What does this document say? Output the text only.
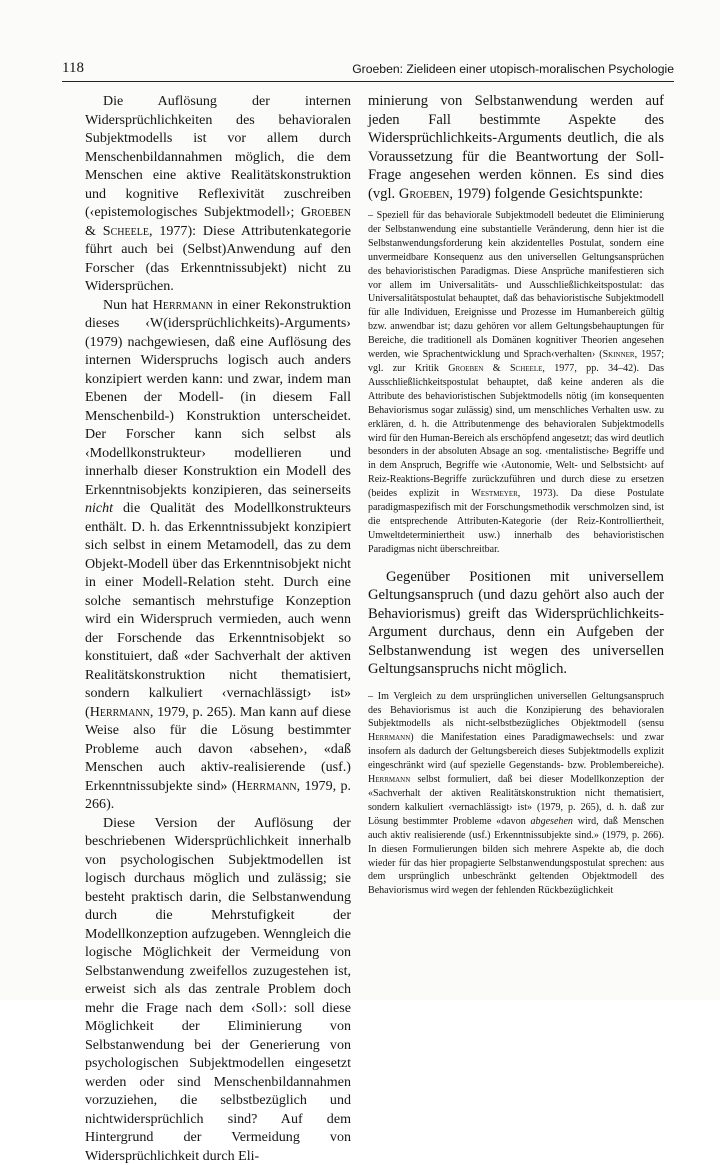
118	Groeben: Zielideen einer utopisch-moralischen Psychologie

Die Auflösung der internen Widersprüchlichkeiten des behavioralen Subjektmodells ist vor allem durch Menschenbildannahmen möglich, die dem Menschen eine aktive Realitätskonstruktion und kognitive Reflexivität zuschreiben (‹epistemologisches Subjektmodell›; Groeben & Scheele, 1977): Diese Attributenkategorie führt auch bei (Selbst)Anwendung auf den Forscher (das Erkenntnissubjekt) nicht zu Widersprüchen.

Nun hat Herrmann in einer Rekonstruktion dieses ‹W(idersprüchlichkeits)-Arguments› (1979) nachgewiesen, daß eine Auflösung des internen Widerspruchs logisch auch anders konzipiert werden kann: und zwar, indem man Ebenen der Modell- (in diesem Fall Menschenbild-) Konstruktion unterscheidet. Der Forscher kann sich selbst als ‹Modellkonstrukteur› modellieren und innerhalb dieser Konstruktion ein Modell des Erkenntnisobjekts konzipieren, das seinerseits nicht die Qualität des Modellkonstrukteurs enthält. D. h. das Erkenntnissubjekt konzipiert sich selbst in einem Metamodell, das zu dem Objekt-Modell über das Erkenntnisobjekt nicht in einer Modell-Relation steht. Durch eine solche semantisch mehrstufige Konzeption wird ein Widerspruch vermieden, auch wenn der Forschende das Erkenntnisobjekt so konstituiert, daß «der Sachverhalt der aktiven Realitätskonstruktion nicht thematisiert, sondern kalkuliert ‹vernachlässigt› ist» (Herrmann, 1979, p. 265). Man kann auf diese Weise also für die Lösung bestimmter Probleme auch davon ‹absehen›, «daß Menschen auch aktiv-realisierende (usf.) Erkenntnissubjekte sind» (Herrmann, 1979, p. 266).

Diese Version der Auflösung der beschriebenen Widersprüchlichkeit innerhalb von psychologischen Subjektmodellen ist logisch durchaus möglich und zulässig; sie besteht praktisch darin, die Selbstanwendung durch die Mehrstufigkeit der Modellkonzeption aufzugeben. Wenngleich die logische Möglichkeit der Vermeidung von Selbstanwendung zweifellos zuzugestehen ist, erweist sich als das zentrale Problem doch mehr die Frage nach dem ‹Soll›: soll diese Möglichkeit der Eliminierung von Selbstanwendung bei der Generierung von psychologischen Subjektmodellen eingesetzt werden oder sind Menschenbildannahmen vorzuziehen, die selbstbezüglich und nichtwidersprüchlich sind? Auf dem Hintergrund der Vermeidung von Widersprüchlichkeit durch Eli-

minierung von Selbstanwendung werden auf jeden Fall bestimmte Aspekte des Widersprüchlichkeits-Arguments deutlich, die als Voraussetzung für die Beantwortung der Soll-Frage angesehen werden können. Es sind dies (vgl. Groeben, 1979) folgende Gesichtspunkte:

– Speziell für das behaviorale Subjektmodell bedeutet die Eliminierung der Selbstanwendung eine substantielle Veränderung, denn hier ist die Selbstanwendungsforderung kein akzidentelles Postulat, sondern eine unvermeidbare Konsequenz aus den universellen Geltungsansprüchen des behavioristischen Paradigmas. Diese Ansprüche manifestieren sich vor allem im Universalitäts- und Ausschließlichkeitspostulat: das Universalitätspostulat behauptet, daß das behavioristische Subjektmodell für alle Individuen, Ereignisse und Prozesse im Humanbereich gültig bzw. anwendbar ist; dazu gehören vor allem Geltungsbehauptungen für Bereiche, die traditionell als Domänen kognitiver Theorien angesehen werden, wie Sprachentwicklung und Sprach‹verhalten› (Skinner, 1957; vgl. zur Kritik Groeben & Scheele, 1977, pp. 34–42). Das Ausschließlichkeitspostulat behauptet, daß keine anderen als die Attribute des behavioristischen Subjektmodells nötig (im konsequenten Behaviorismus sogar zulässig) sind, um menschliches Verhalten usw. zu erklären, d. h. die Attributenmenge des behavioralen Subjektmodells wird für den Human-Bereich als erschöpfend angesetzt; das wird deutlich besonders in der absoluten Absage an sog. ‹mentalistische› Begriffe und in dem Anspruch, Begriffe wie ‹Autonomie, Welt- und Selbstsicht› auf Reiz-Reaktions-Begriffe zurückzuführen und durch diese zu ersetzen (beides explizit in Westmeyer, 1973). Da diese Postulate paradigmaspezifisch mit der Forschungsmethodik verschmolzen sind, ist die entsprechende Attributen-Kategorie (der Reiz-Kontrolliertheit, Umweltdeterminiertheit usw.) innerhalb des behavioristischen Paradigmas nicht überschreitbar.

Gegenüber Positionen mit universellem Geltungsanspruch (und dazu gehört also auch der Behaviorismus) greift das Widersprüchlichkeits-Argument durchaus, denn ein Aufgeben der Selbstanwendung ist wegen des universellen Geltungsanspruchs nicht möglich.

– Im Vergleich zu dem ursprünglichen universellen Geltungsanspruch des Behaviorismus ist auch die Konzipierung des behavioralen Subjektmodells als nicht-selbstbezügliches Objektmodell (sensu Herrmann) die Manifestation eines Paradigmawechsels: und zwar insofern als dadurch der Geltungsbereich dieses Subjektmodells explizit eingeschränkt wird (auf spezielle Gegenstands- bzw. Problembereiche). Herrmann selbst formuliert, daß bei dieser Modellkonzeption der «Sachverhalt der aktiven Realitätskonstruktion nicht thematisiert, sondern kalkuliert ‹vernachlässigt› ist» (1979, p. 265), d. h. daß zur Lösung bestimmter Probleme «davon abgesehen wird, daß Menschen auch aktiv realisierende (usf.) Erkenntnissubjekte sind.» (1979, p. 266). In diesen Formulierungen bilden sich mehrere Aspekte ab, die doch wieder für das hier propagierte Selbstanwendungspostulat sprechen: aus dem ursprünglich unbeschränkt geltenden Objektmodell des Behaviorismus wird wegen der fehlenden Rückbezüglichkeit
